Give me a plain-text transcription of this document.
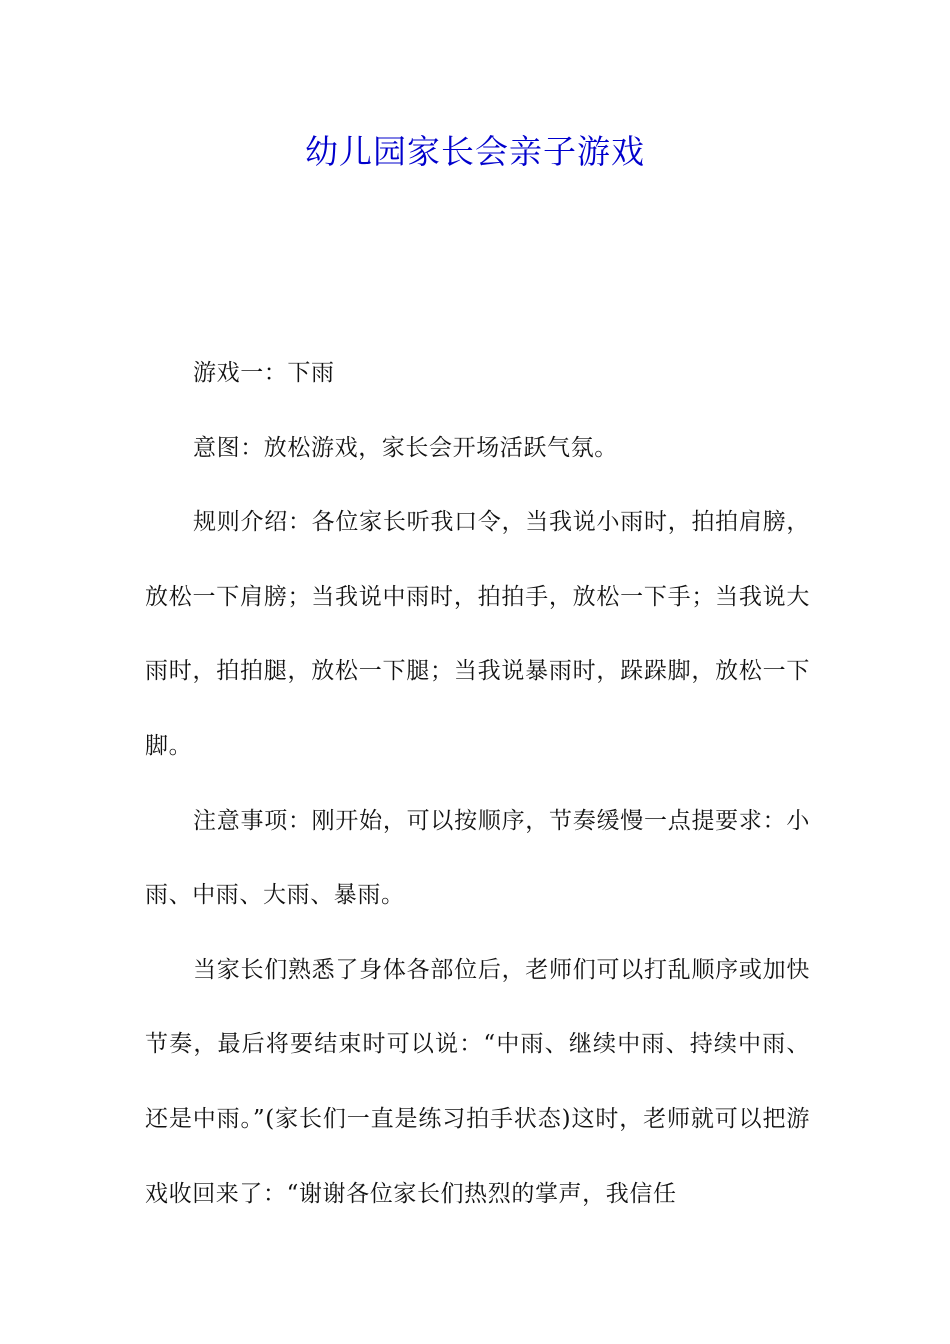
幼儿园家长会亲子游戏

游戏一：下雨

意图：放松游戏，家长会开场活跃气氛。

规则介绍：各位家长听我口令，当我说小雨时，拍拍肩膀，放松一下肩膀；当我说中雨时，拍拍手，放松一下手；当我说大雨时，拍拍腿，放松一下腿；当我说暴雨时，跺跺脚，放松一下脚。

注意事项：刚开始，可以按顺序，节奏缓慢一点提要求：小雨、中雨、大雨、暴雨。

当家长们熟悉了身体各部位后，老师们可以打乱顺序或加快节奏，最后将要结束时可以说：“中雨、继续中雨、持续中雨、还是中雨。”(家长们一直是练习拍手状态)这时，老师就可以把游戏收回来了：“谢谢各位家长们热烈的掌声，我信任
